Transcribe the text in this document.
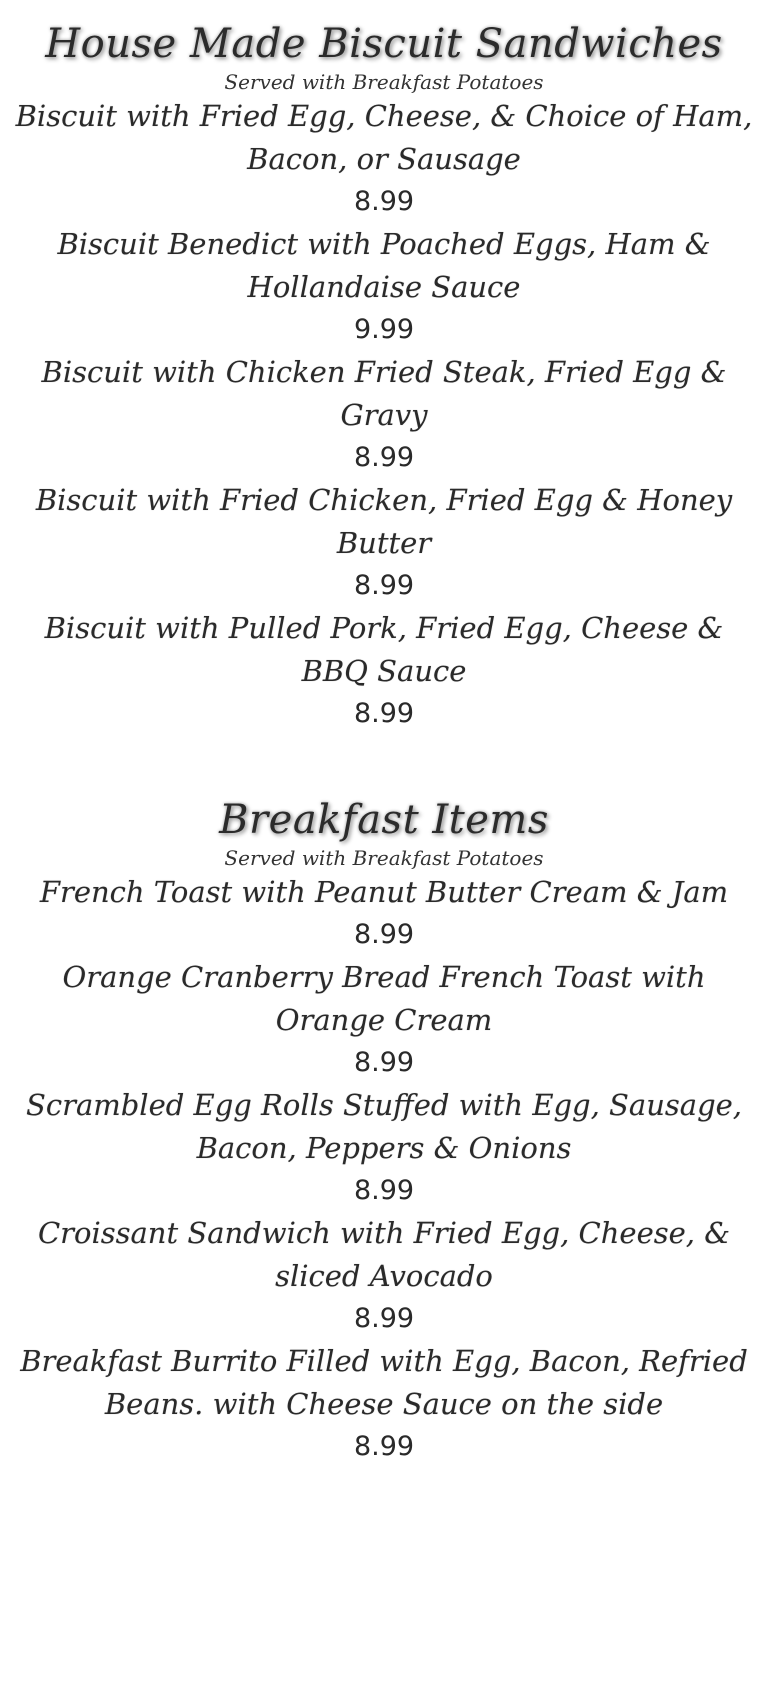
House Made Biscuit Sandwiches
Served with Breakfast Potatoes
Biscuit with Fried Egg, Cheese, & Choice of Ham, Bacon, or Sausage
8.99
Biscuit Benedict with Poached Eggs, Ham & Hollandaise Sauce
9.99
Biscuit with Chicken Fried Steak, Fried Egg & Gravy
8.99
Biscuit with Fried Chicken, Fried Egg & Honey Butter
8.99
Biscuit with Pulled Pork, Fried Egg, Cheese & BBQ Sauce
8.99
Breakfast Items
Served with Breakfast Potatoes
French Toast with Peanut Butter Cream & Jam
8.99
Orange Cranberry Bread French Toast with Orange Cream
8.99
Scrambled Egg Rolls Stuffed with Egg, Sausage, Bacon, Peppers & Onions
8.99
Croissant Sandwich with Fried Egg, Cheese, & sliced Avocado
8.99
Breakfast Burrito Filled with Egg, Bacon, Refried Beans. with Cheese Sauce on the side
8.99
